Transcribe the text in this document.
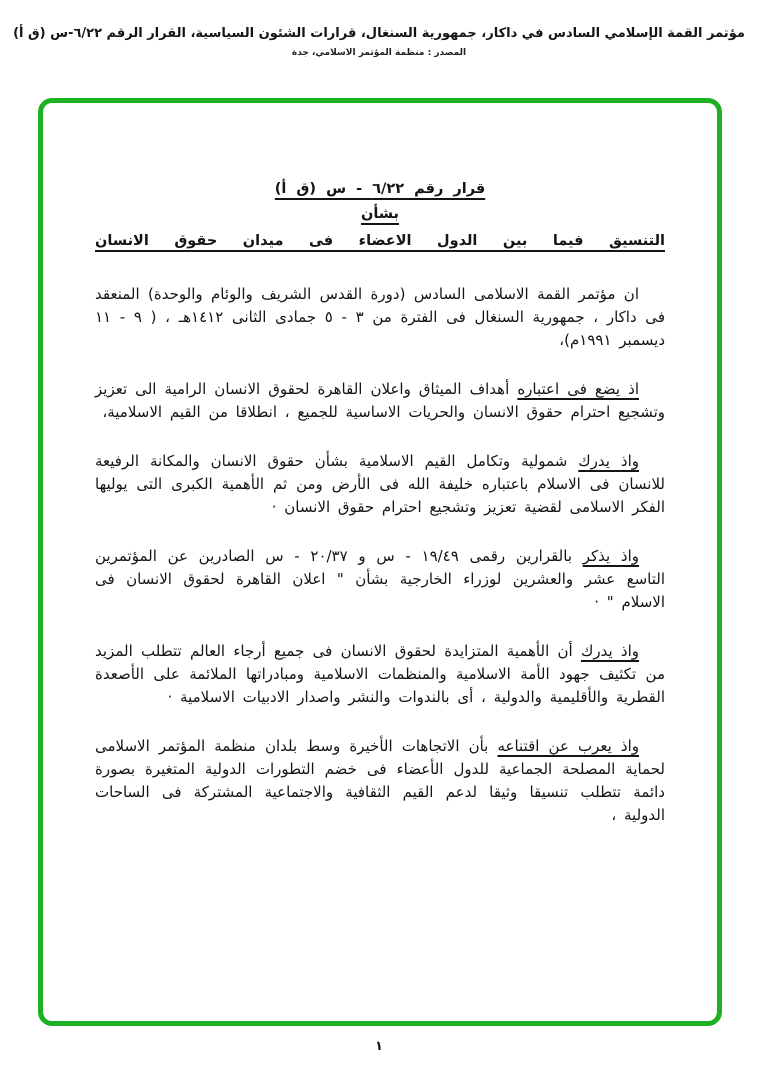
مؤتمر القمة الإسلامي السادس في داكار، جمهورية السنغال، قرارات الشئون السياسية، القرار الرقم ٦/٢٢-س (ق أ)
المصدر : منظمة المؤتمر الاسلامي، جدة
قرار رقم ٦/٢٢ - س (ق أ)
بشأن
التنسيق فيما بين الدول الاعضاء فى ميدان حقوق الانسان

ان مؤتمر القمة الاسلامى السادس (دورة القدس الشريف والوئام والوحدة) المنعقد فى داكار ، جمهورية السنغال فى الفترة من ٣ - ٥ جمادى الثانى ١٤١٢هـ ، ( ٩ - ١١ ديسمبر ١٩٩١م)،

اذ يضع فى اعتباره أهداف الميثاق واعلان القاهرة لحقوق الانسان الرامية الى تعزيز وتشجيع احترام حقوق الانسان والحريات الاساسية للجميع ، انطلاقا من القيم الاسلامية،

واذ يدرك شمولية وتكامل القيم الاسلامية بشأن حقوق الانسان والمكانة الرفيعة للانسان فى الاسلام باعتباره خليفة الله فى الأرض ومن ثم الأهمية الكبرى التى يوليها الفكر الاسلامى لقضية تعزيز وتشجيع احترام حقوق الانسان ·

واذ يذكر بالقرارين رقمى ١٩/٤٩ - س و ٢٠/٣٧ - س الصادرين عن المؤتمرين التاسع عشر والعشرين لوزراء الخارجية بشأن " اعلان القاهرة لحقوق الانسان فى الاسلام " ·

واذ يدرك أن الأهمية المتزايدة لحقوق الانسان فى جميع أرجاء العالم تتطلب المزيد من تكثيف جهود الأمة الاسلامية والمنظمات الاسلامية ومبادراتها الملائمة على الأصعدة القطرية والأقليمية والدولية ، أى بالندوات والنشر واصدار الادبيات الاسلامية ·

واذ يعرب عن اقتناعه بأن الاتجاهات الأخيرة وسط بلدان منظمة المؤتمر الاسلامى لحماية المصلحة الجماعية للدول الأعضاء فى خضم التطورات الدولية المتغيرة بصورة دائمة تتطلب تنسيقا وثيقا لدعم القيم الثقافية والاجتماعية المشتركة فى الساحات الدولية ،

١
